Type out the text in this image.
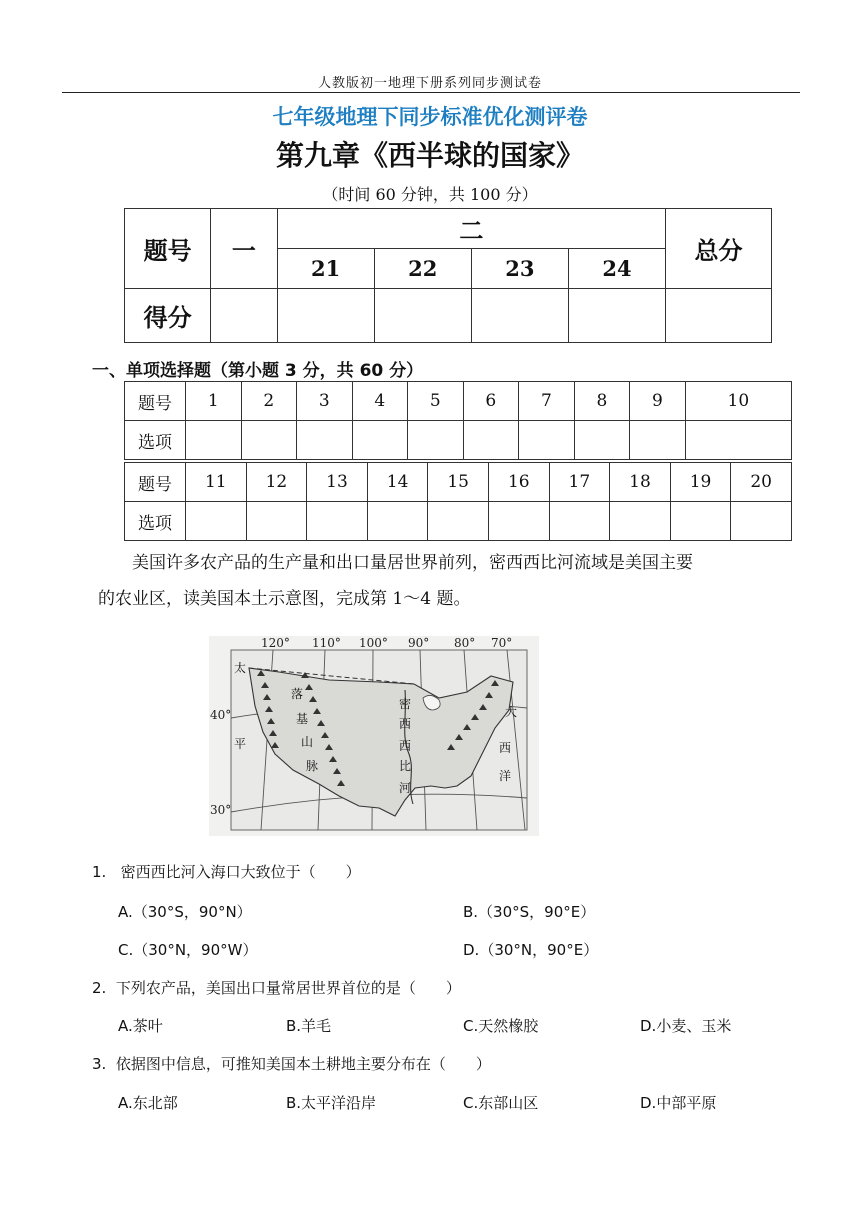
人教版初一地理下册系列同步测试卷
七年级地理下同步标准优化测评卷
第九章《西半球的国家》
（时间 60 分钟，共 100 分）
题号	一	二				总分
		21	22	23	24	
得分						
一、单项选择题（第小题 3 分，共 60 分）
题号	1	2	3	4	5	6	7	8	9	10
选项										
题号	11	12	13	14	15	16	17	18	19	20
选项										
美国许多农产品的生产量和出口量居世界前列，密西西比河流域是美国主要
的农业区，读美国本土示意图，完成第 1～4 题。
120° 110° 100° 90° 80° 70°
40°
30°
太
平
落
基
山
脉
密
西
西
比
河
大
西
洋
1. 密西西比河入海口大致位于（　　）
A.（30°S，90°N）	B.（30°S，90°E）
C.（30°N，90°W）	D.（30°N，90°E）
2. 下列农产品，美国出口量常居世界首位的是（　　）
A.茶叶	B.羊毛	C.天然橡胶	D.小麦、玉米
3. 依据图中信息，可推知美国本土耕地主要分布在（　　）
A.东北部	B.太平洋沿岸	C.东部山区	D.中部平原
